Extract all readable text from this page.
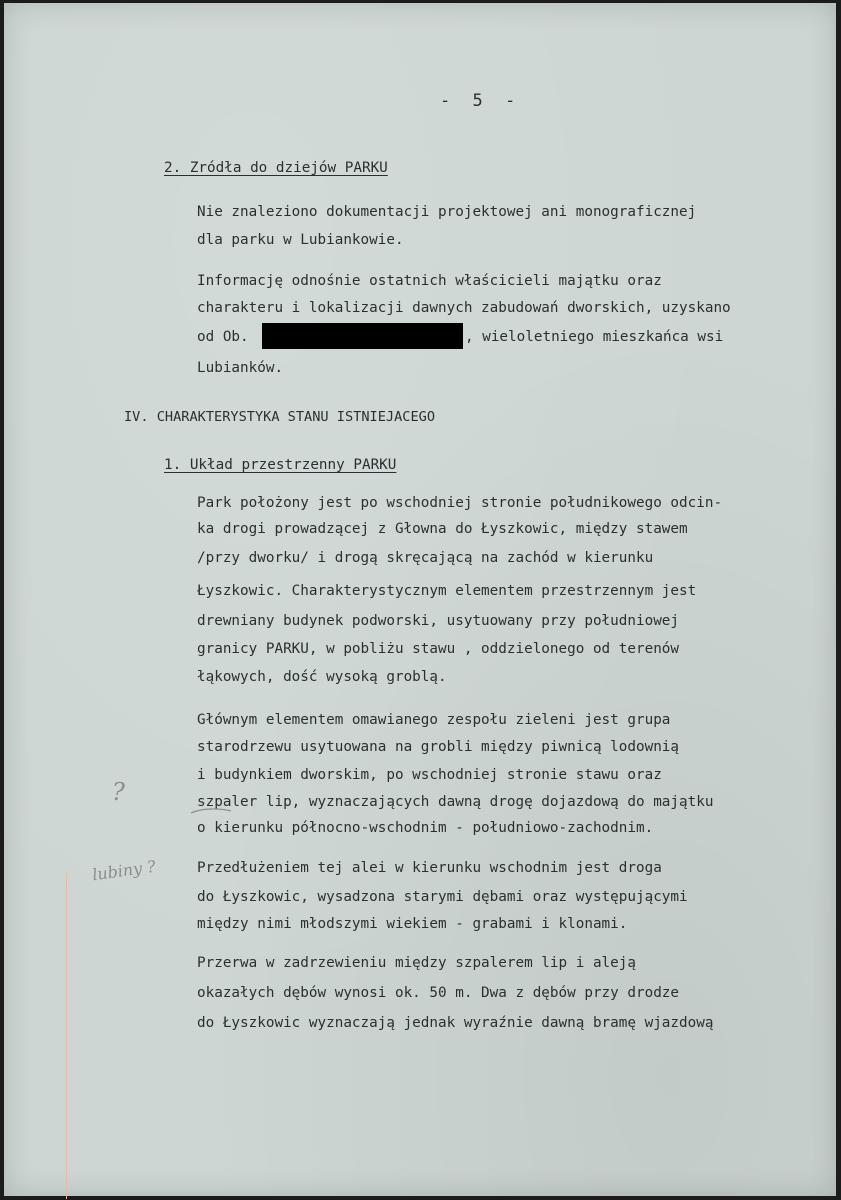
- 5 -
2. Zródła do dziejów PARKU
Nie znaleziono dokumentacji projektowej ani monograficznej
dla parku w Lubiankowie.
Informację odnośnie ostatnich właścicieli majątku oraz
charakteru i lokalizacji dawnych zabudowań dworskich, uzyskano
od Ob.	, wieloletniego mieszkańca wsi
Lubianków.
IV. CHARAKTERYSTYKA STANU ISTNIEJACEGO
1. Układ przestrzenny PARKU
Park położony jest po wschodniej stronie południkowego odcin-
ka drogi prowadzącej z Głowna do Łyszkowic, między stawem
/przy dworku/ i drogą skręcającą na zachód w kierunku
Łyszkowic. Charakterystycznym elementem przestrzennym jest
drewniany budynek podworski, usytuowany przy południowej
granicy PARKU, w pobliżu stawu , oddzielonego od terenów
łąkowych, dość wysoką groblą.
Głównym elementem omawianego zespołu zieleni jest grupa
starodrzewu usytuowana na grobli między piwnicą lodownią
i budynkiem dworskim, po wschodniej stronie stawu oraz
szpaler lip, wyznaczających dawną drogę dojazdową do majątku
o kierunku północno-wschodnim - południowo-zachodnim.
Przedłużeniem tej alei w kierunku wschodnim jest droga
do Łyszkowic, wysadzona starymi dębami oraz występującymi
między nimi młodszymi wiekiem - grabami i klonami.
Przerwa w zadrzewieniu między szpalerem lip i aleją
okazałych dębów wynosi ok. 50 m. Dwa z dębów przy drodze
do Łyszkowic wyznaczają jednak wyraźnie dawną bramę wjazdową
?
lubiny ?
